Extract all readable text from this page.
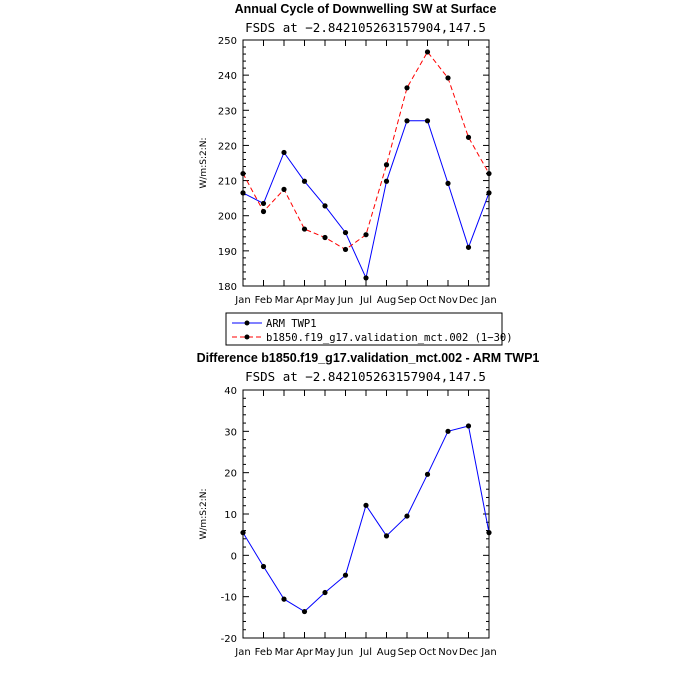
Annual Cycle of Downwelling SW at Surface
FSDS at −2.842105263157904,147.5
180
190
200
210
220
230
240
250
Jan Feb Mar Apr May Jun Jul Aug Sep Oct Nov Dec Jan
W/m:S:2:N:
ARM TWP1
b1850.f19_g17.validation_mct.002 (1−30)
Difference b1850.f19_g17.validation_mct.002 - ARM TWP1
FSDS at −2.842105263157904,147.5
-20
-10
0
10
20
30
40
Jan Feb Mar Apr May Jun Jul Aug Sep Oct Nov Dec Jan
W/m:S:2:N:
